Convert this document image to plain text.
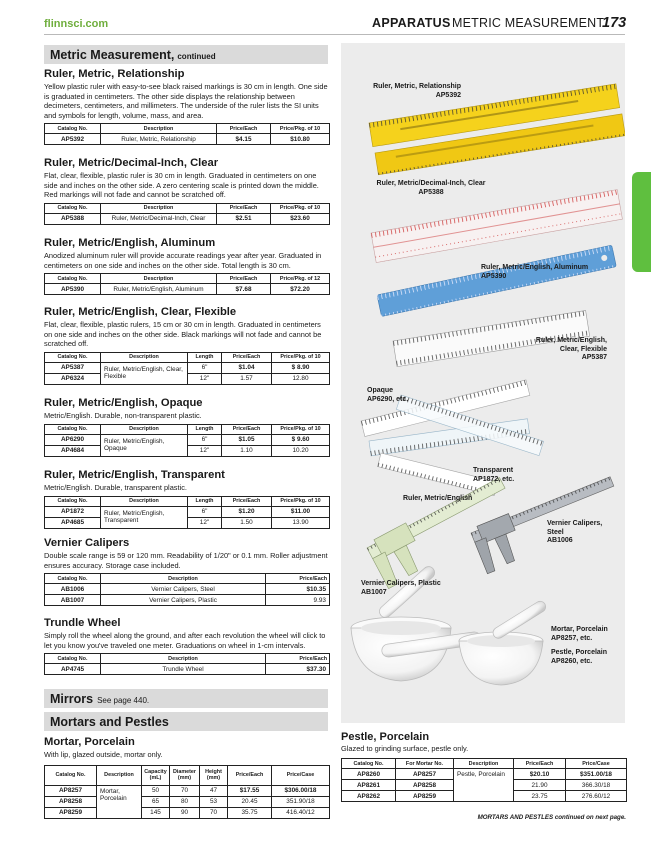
flinnsci.com	APPARATUS METRIC MEASUREMENT
173
Metric Measurement, continued
Ruler, Metric, Relationship

Yellow plastic ruler with easy-to-see black raised markings is 30 cm in length. One side is graduated in centimeters. The other side displays the relationship between decimeters, centimeters, and millimeters. The underside of the ruler lists the SI units and symbols for length, volume, mass, and area.

Catalog No.	Description	Price/Each	Price/Pkg. of 10
AP5392	Ruler, Metric, Relationship	$4.15	$10.80
Ruler, Metric/Decimal-Inch, Clear

Flat, clear, flexible, plastic ruler is 30 cm in length. Graduated in centimeters on one side and inches on the other side. A zero centering scale is printed down the middle. Red markings will not fade and cannot be scratched off.

Catalog No.	Description	Price/Each	Price/Pkg. of 10
AP5388	Ruler, Metric/Decimal-Inch, Clear	$2.51	$23.60
Ruler, Metric/English, Aluminum

Anodized aluminum ruler will provide accurate readings year after year. Graduated in centimeters on one side and inches on the other side. Total length is 30 cm.

Catalog No.	Description	Price/Each	Price/Pkg. of 12
AP5390	Ruler, Metric/English, Aluminum	$7.68	$72.20
Ruler, Metric/English, Clear, Flexible

Flat, clear, flexible, plastic rulers, 15 cm or 30 cm in length. Graduated in centimeters on one side and inches on the other side. Black markings will not fade and cannot be scratched off.

Catalog No.	Description	Length	Price/Each	Price/Pkg. of 10
AP5387	Ruler, Metric/English, Clear, Flexible	6"	$1.04	$ 8.90
AP6324		12"	1.57	12.80
Ruler, Metric/English, Opaque

Metric/English. Durable, non-transparent plastic.

Catalog No.	Description	Length	Price/Each	Price/Pkg. of 10
AP6290	Ruler, Metric/English, Opaque	6"	$1.05	$ 9.60
AP4684		12"	1.10	10.20
Ruler, Metric/English, Transparent

Metric/English. Durable, transparent plastic.

Catalog No.	Description	Length	Price/Each	Price/Pkg. of 10
AP1872	Ruler, Metric/English, Transparent	6"	$1.20	$11.00
AP4685		12"	1.50	13.90
Vernier Calipers

Double scale range is 59 or 120 mm. Readability of 1/20" or 0.1 mm. Roller adjustment ensures accuracy. Storage case included.

Catalog No.	Description	Price/Each
AB1006	Vernier Calipers, Steel	$10.35
AB1007	Vernier Calipers, Plastic	9.93
Trundle Wheel

Simply roll the wheel along the ground, and after each revolution the wheel will click to let you know you've traveled one meter. Graduations on wheel in 1-cm intervals.

Catalog No.	Description	Price/Each
AP4745	Trundle Wheel	$37.30
Mirrors See page 440.
Mortars and Pestles
Mortar, Porcelain

With lip, glazed outside, mortar only.

Catalog No.	Description	Capacity (mL)	Diameter (mm)	Height (mm)	Price/Each	Price/Case
AP8257	Mortar, Porcelain	50	70	47	$17.55	$306.00/18
AP8258		65	80	53	20.45	351.90/18
AP8259		145	90	70	35.75	416.40/12
Ruler, Metric, Relationship
AP5392
Ruler, Metric/Decimal-Inch, Clear
AP5388
Ruler, Metric/English, Aluminum
AP5390
Ruler, Metric/English,
Clear, Flexible
AP5387
Opaque
AP6290, etc.
Transparent
AP1872, etc.
Ruler, Metric/English
Vernier Calipers,
Steel
AB1006
Vernier Calipers, Plastic
AB1007
Mortar, Porcelain
AP8257, etc.
Pestle, Porcelain
AP8260, etc.
Pestle, Porcelain

Glazed to grinding surface, pestle only.

Catalog No.	For Mortar No.	Description	Price/Each	Price/Case
AP8260	AP8257	Pestle, Porcelain	$20.10	$351.00/18
AP8261	AP8258		21.90	366.30/18
AP8262	AP8259		23.75	276.60/12
MORTARS AND PESTLES continued on next page.
